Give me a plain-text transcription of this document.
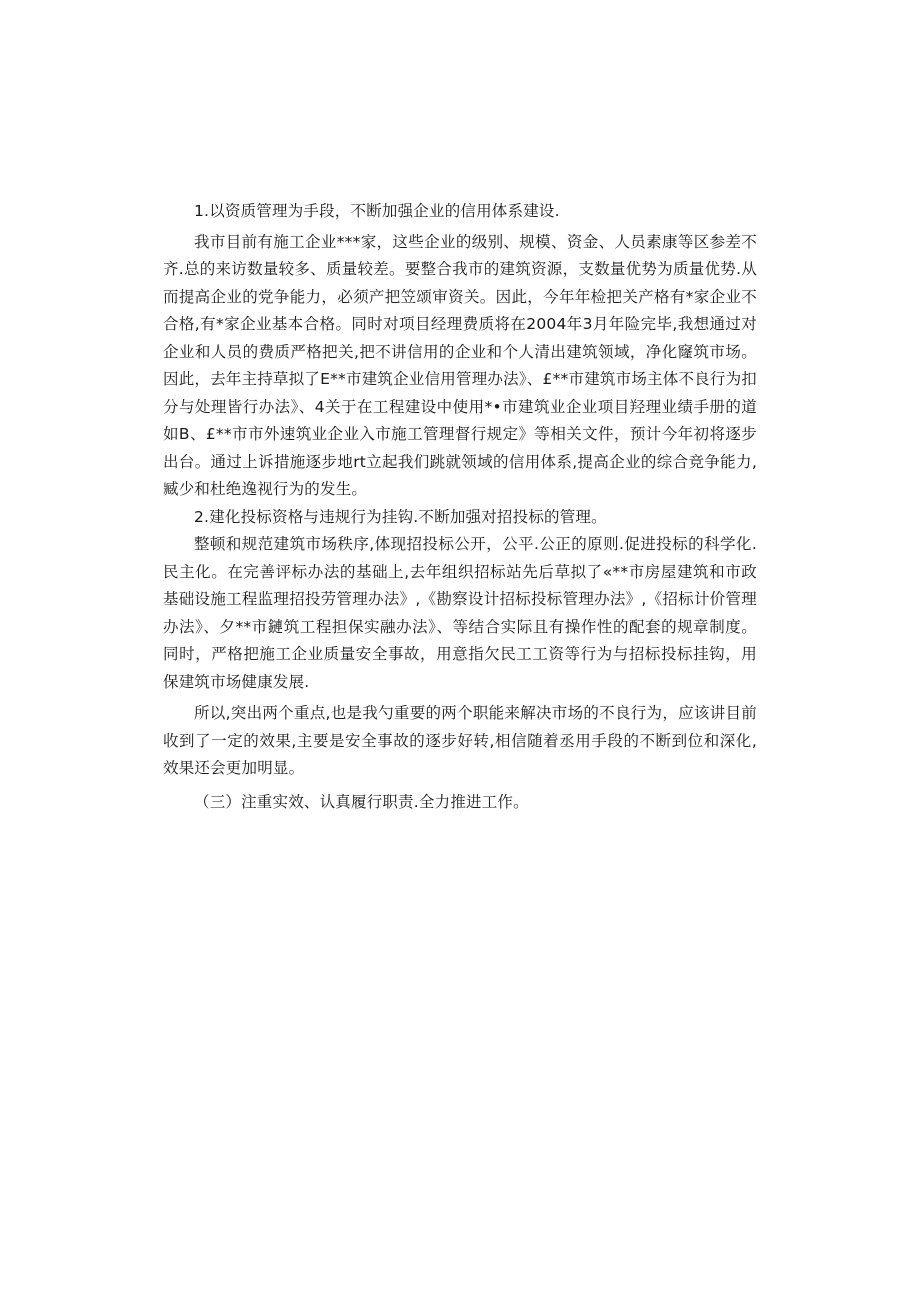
1.以资质管理为手段，不断加强企业的信用体系建设.

我市目前有施工企业***家，这些企业的级别、规模、资金、人员素康等区参差不齐.总的来访数量较多、质量较差。要整合我市的建筑资源，支数量优势为质量优势.从而提高企业的党争能力，必须产把笠颂审资关。因此，今年年检把关产格有*家企业不合格,有*家企业基本合格。同时对项目经理费质将在2004年3月年险完毕,我想通过对企业和人员的费质严格把关,把不讲信用的企业和个人清出建筑领域，净化窿筑市场。因此，去年主持草拟了E**市建筑企业信用管理办法》、£**市建筑市场主体不良行为扣分与处理皆行办法》、4关于在工程建设中使用*•市建筑业企业项目羟理业绩手册的道如B、£**市市外速筑业企业入市施工管理督行规定》等相关文件，预计今年初将逐步出台。通过上诉措施逐步地rt立起我们跳就领域的信用体系,提高企业的综合竞争能力,臧少和杜绝逸视行为的发生。

2.建化投标资格与违规行为挂钩.不断加强对招投标的管理。

整顿和规范建筑市场秩序,体现招投标公开，公平.公正的原则.促进投标的科学化.民主化。在完善评标办法的基础上,去年组织招标站先后草拟了«**市房屋建筑和市政基础设施工程监理招投劳管理办法》,《勘察设计招标投标管理办法》,《招标计价管理办法》、夕**市鏈筑工程担保实融办法》、等结合实际且有操作性的配套的规章制度。同时，严格把施工企业质量安全事故，用意指欠民工工资等行为与招标投标挂钩，用保建筑市场健康发展.

所以,突出两个重点,也是我勺重要的两个职能来解决市场的不良行为，应该讲目前收到了一定的效果,主要是安全事故的逐步好转,相信随着丞用手段的不断到位和深化,效果还会更加明显。

（三）注重实效、认真履行职责.全力推进工作。
